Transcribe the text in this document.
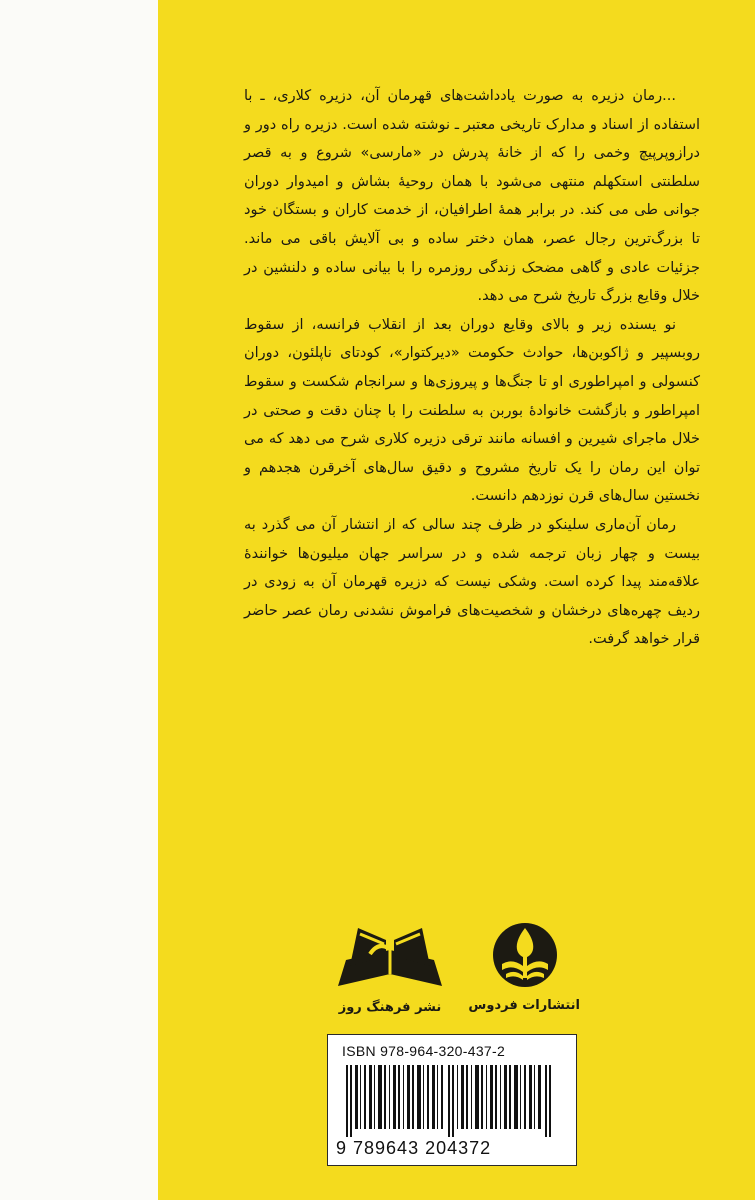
...رمان دزیره به صورت یادداشت‌های قهرمان آن، دزیره کلاری، ـ با استفاده از اسناد و مدارک تاریخی معتبر ـ نوشته شده است. دزیره راه دور و درازوپرپیچ وخمی را که از خانهٔ پدرش در «مارسی» شروع و به قصر سلطنتی استکهلم منتهی می‌شود با همان روحیهٔ بشاش و امیدوار دوران جوانی طی می کند. در برابر همهٔ اطرافیان، از خدمت کاران و بستگان خود تا بزرگ‌ترین رجال عصر، همان دختر ساده و بی آلایش باقی می ماند. جزئیات عادی و گاهی مضحک زندگی روزمره را با بیانی ساده و دلنشین در خلال وقایع بزرگ تاریخ شرح می دهد.

نو یسنده زیر و بالای وقایع دوران بعد از انقلاب فرانسه، از سقوط روبسپیر و ژاکوبن‌ها، حوادث حکومت «دیرکتوار»، کودتای ناپلئون، دوران کنسولی و امپراطوری او تا جنگ‌ها و پیروزی‌ها و سرانجام شکست و سقوط امپراطور و بازگشت خانوادهٔ بوربن به سلطنت را با چنان دقت و صحتی در خلال ماجرای شیرین و افسانه مانند ترقی دزیره کلاری شرح می دهد که می توان این رمان را یک تاریخ مشروح و دقیق سال‌های آخرقرن هجدهم و نخستین سال‌های قرن نوزدهم دانست.

رمان آن‌ماری سلینکو در ظرف چند سالی که از انتشار آن می گذرد به بیست و چهار زبان ترجمه شده و در سراسر جهان میلیون‌ها خوانندهٔ علاقه‌مند پیدا کرده است. وشکی نیست که دزیره قهرمان آن به زودی در ردیف چهره‌های درخشان و شخصیت‌های فراموش نشدنی رمان عصر حاضر قرار خواهد گرفت.

انتشارات فردوس
نشر فرهنگ روز
ISBN 978-964-320-437-2
9 789643 204372
